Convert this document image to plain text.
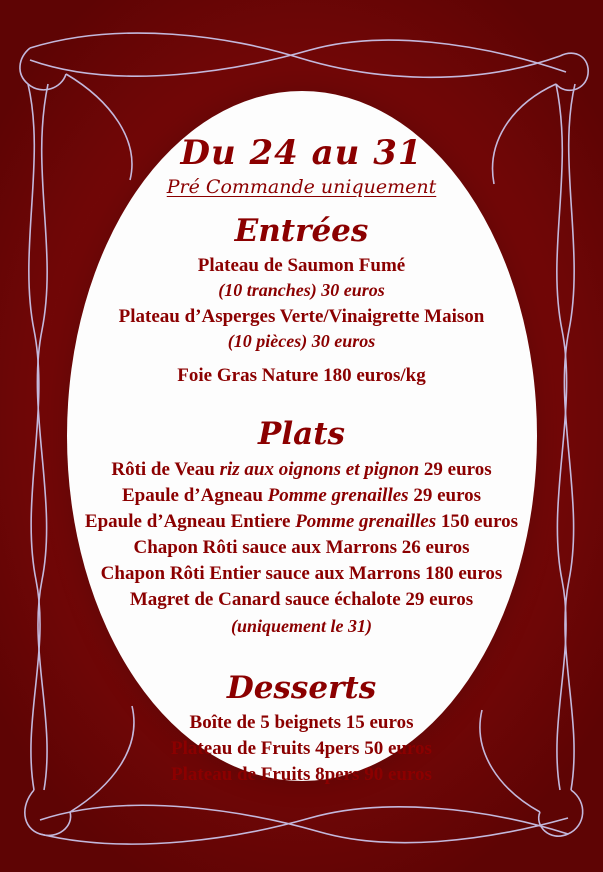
Du 24 au 31
Pré Commande uniquement
Entrées
Plateau de Saumon Fumé
(10 tranches) 30 euros
Plateau d’Asperges Verte/Vinaigrette Maison
(10 pièces) 30 euros
Foie Gras Nature 180 euros/kg
Plats
Rôti de Veau riz aux oignons et pignon 29 euros
Epaule d’Agneau Pomme grenailles 29 euros
Epaule d’Agneau Entiere Pomme grenailles 150 euros
Chapon Rôti sauce aux Marrons 26 euros
Chapon Rôti Entier sauce aux Marrons 180 euros
Magret de Canard sauce échalote 29 euros
(uniquement le 31)
Desserts
Boîte de 5 beignets 15 euros
Plateau de Fruits 4pers 50 euros
Plateau de Fruits 8pers 90 euros
